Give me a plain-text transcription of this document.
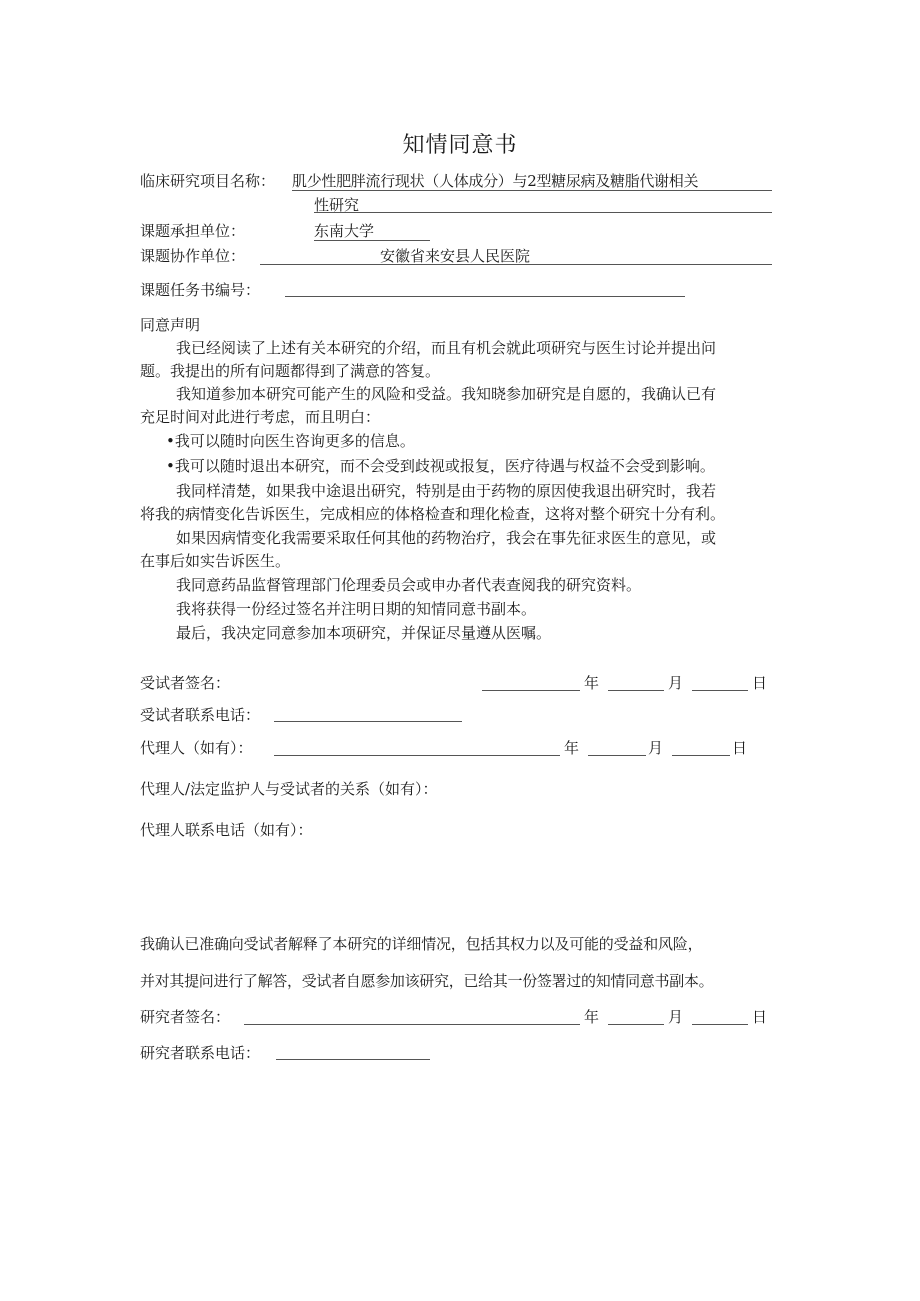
知情同意书
临床研究项目名称： 肌少性肥胖流行现状（人体成分）与2型糖尿病及糖脂代谢相关
性研究
课题承担单位：	东南大学
课题协作单位：	安徽省来安县人民医院
课题任务书编号：
同意声明
我已经阅读了上述有关本研究的介绍，而且有机会就此项研究与医生讨论并提出问
题。我提出的所有问题都得到了满意的答复。
我知道参加本研究可能产生的风险和受益。我知晓参加研究是自愿的，我确认已有
充足时间对此进行考虑，而且明白：
•我可以随时向医生咨询更多的信息。
•我可以随时退出本研究，而不会受到歧视或报复，医疗待遇与权益不会受到影响。
我同样清楚，如果我中途退出研究，特别是由于药物的原因使我退出研究时，我若
将我的病情变化告诉医生，完成相应的体格检查和理化检查，这将对整个研究十分有利。
如果因病情变化我需要采取任何其他的药物治疗，我会在事先征求医生的意见，或
在事后如实告诉医生。
我同意药品监督管理部门伦理委员会或申办者代表查阅我的研究资料。
我将获得一份经过签名并注明日期的知情同意书副本。
最后，我决定同意参加本项研究，并保证尽量遵从医嘱。
受试者签名：	年	月	日
受试者联系电话：
代理人（如有）：	年	月	日
代理人/法定监护人与受试者的关系（如有）：
代理人联系电话（如有）：
我确认已准确向受试者解释了本研究的详细情况，包括其权力以及可能的受益和风险，
并对其提问进行了解答，受试者自愿参加该研究，已给其一份签署过的知情同意书副本。
研究者签名：	年	月	日
研究者联系电话：
